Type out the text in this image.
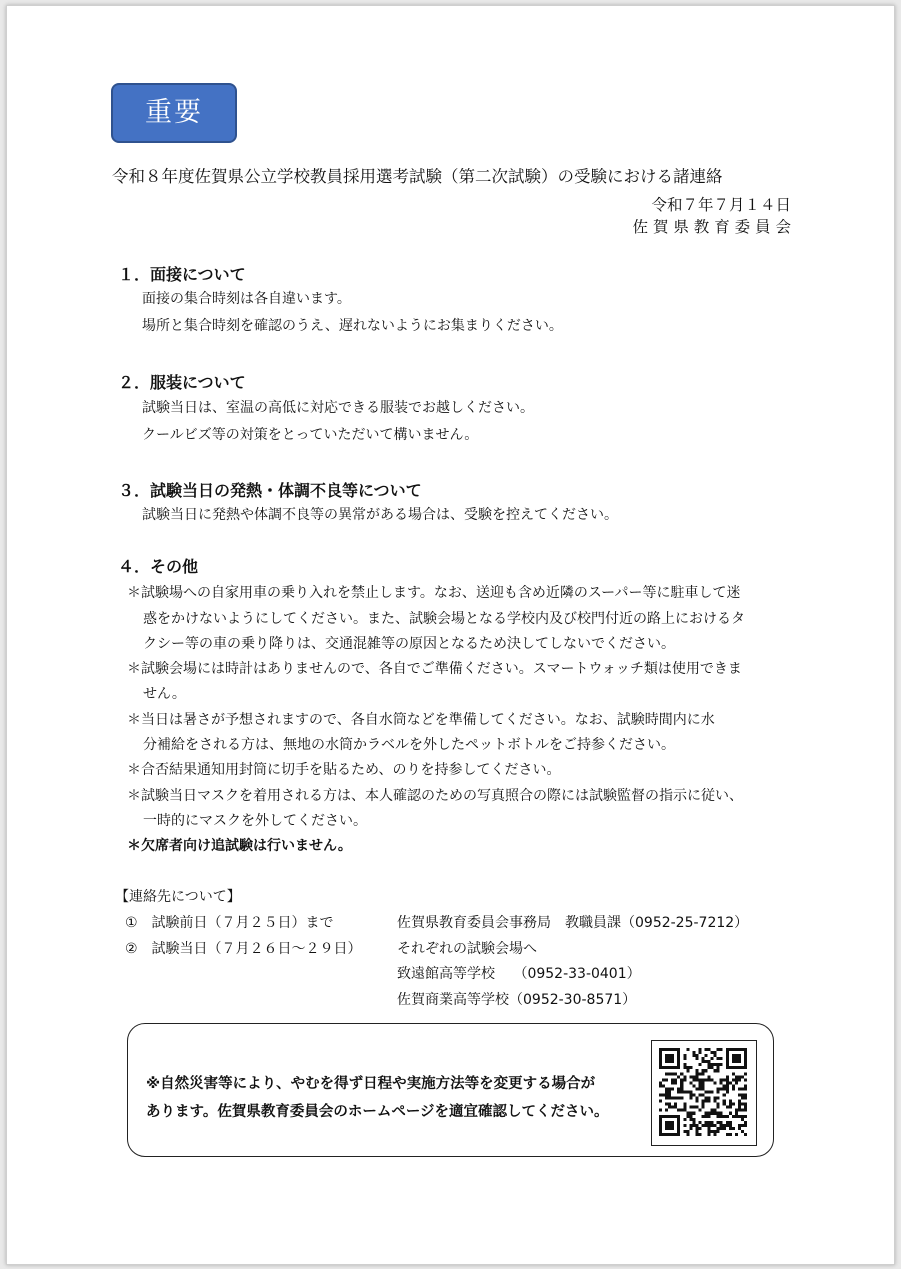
重要
令和８年度佐賀県公立学校教員採用選考試験（第二次試験）の受験における諸連絡
令和７年７月１４日
佐 賀 県 教 育 委 員 会
１．面接について
面接の集合時刻は各自違います。
場所と集合時刻を確認のうえ、遅れないようにお集まりください。
２．服装について
試験当日は、室温の高低に対応できる服装でお越しください。
クールビズ等の対策をとっていただいて構いません。
３．試験当日の発熱・体調不良等について
試験当日に発熱や体調不良等の異常がある場合は、受験を控えてください。
４．その他
＊試験場への自家用車の乗り入れを禁止します。なお、送迎も含め近隣のスーパー等に駐車して迷
惑をかけないようにしてください。また、試験会場となる学校内及び校門付近の路上におけるタ
クシー等の車の乗り降りは、交通混雑等の原因となるため決してしないでください。
＊試験会場には時計はありませんので、各自でご準備ください。スマートウォッチ類は使用できま
せん。
＊当日は暑さが予想されますので、各自水筒などを準備してください。なお、試験時間内に水
分補給をされる方は、無地の水筒かラベルを外したペットボトルをご持参ください。
＊合否結果通知用封筒に切手を貼るため、のりを持参してください。
＊試験当日マスクを着用される方は、本人確認のための写真照合の際には試験監督の指示に従い、
一時的にマスクを外してください。
＊欠席者向け追試験は行いません。
【連絡先について】
①　試験前日（７月２５日）まで	佐賀県教育委員会事務局　教職員課（0952-25-7212）
②　試験当日（７月２６日～２９日）	それぞれの試験会場へ
致遠館高等学校　 （0952-33-0401）
佐賀商業高等学校（0952-30-8571）
※自然災害等により、やむを得ず日程や実施方法等を変更する場合が
あります。佐賀県教育委員会のホームページを適宜確認してください。
